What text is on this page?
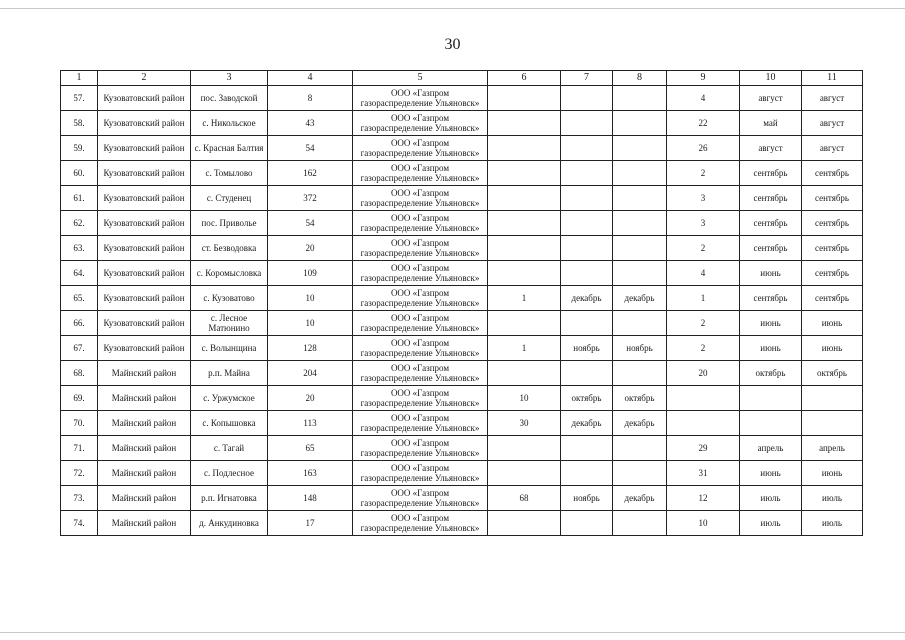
30
1	2	3	4	5	6	7	8	9	10	11
57.	Кузоватовский район	пос. Заводской	8	ООО «Газпром газораспределение Ульяновск»				4	август	август
58.	Кузоватовский район	с. Никольское	43	ООО «Газпром газораспределение Ульяновск»				22	май	август
59.	Кузоватовский район	с. Красная Балтия	54	ООО «Газпром газораспределение Ульяновск»				26	август	август
60.	Кузоватовский район	с. Томылово	162	ООО «Газпром газораспределение Ульяновск»				2	сентябрь	сентябрь
61.	Кузоватовский район	с. Студенец	372	ООО «Газпром газораспределение Ульяновск»				3	сентябрь	сентябрь
62.	Кузоватовский район	пос. Приволье	54	ООО «Газпром газораспределение Ульяновск»				3	сентябрь	сентябрь
63.	Кузоватовский район	ст. Безводовка	20	ООО «Газпром газораспределение Ульяновск»				2	сентябрь	сентябрь
64.	Кузоватовский район	с. Коромысловка	109	ООО «Газпром газораспределение Ульяновск»				4	июнь	сентябрь
65.	Кузоватовский район	с. Кузоватово	10	ООО «Газпром газораспределение Ульяновск»	1	декабрь	декабрь	1	сентябрь	сентябрь
66.	Кузоватовский район	с. Лесное Матюнино	10	ООО «Газпром газораспределение Ульяновск»				2	июнь	июнь
67.	Кузоватовский район	с. Волынщина	128	ООО «Газпром газораспределение Ульяновск»	1	ноябрь	ноябрь	2	июнь	июнь
68.	Майнский район	р.п. Майна	204	ООО «Газпром газораспределение Ульяновск»				20	октябрь	октябрь
69.	Майнский район	с. Уржумское	20	ООО «Газпром газораспределение Ульяновск»	10	октябрь	октябрь			
70.	Майнский район	с. Копышовка	113	ООО «Газпром газораспределение Ульяновск»	30	декабрь	декабрь			
71.	Майнский район	с. Тагай	65	ООО «Газпром газораспределение Ульяновск»				29	апрель	апрель
72.	Майнский район	с. Подлесное	163	ООО «Газпром газораспределение Ульяновск»				31	июнь	июнь
73.	Майнский район	р.п. Игнатовка	148	ООО «Газпром газораспределение Ульяновск»	68	ноябрь	декабрь	12	июль	июль
74.	Майнский район	д. Анкудиновка	17	ООО «Газпром газораспределение Ульяновск»				10	июль	июль
